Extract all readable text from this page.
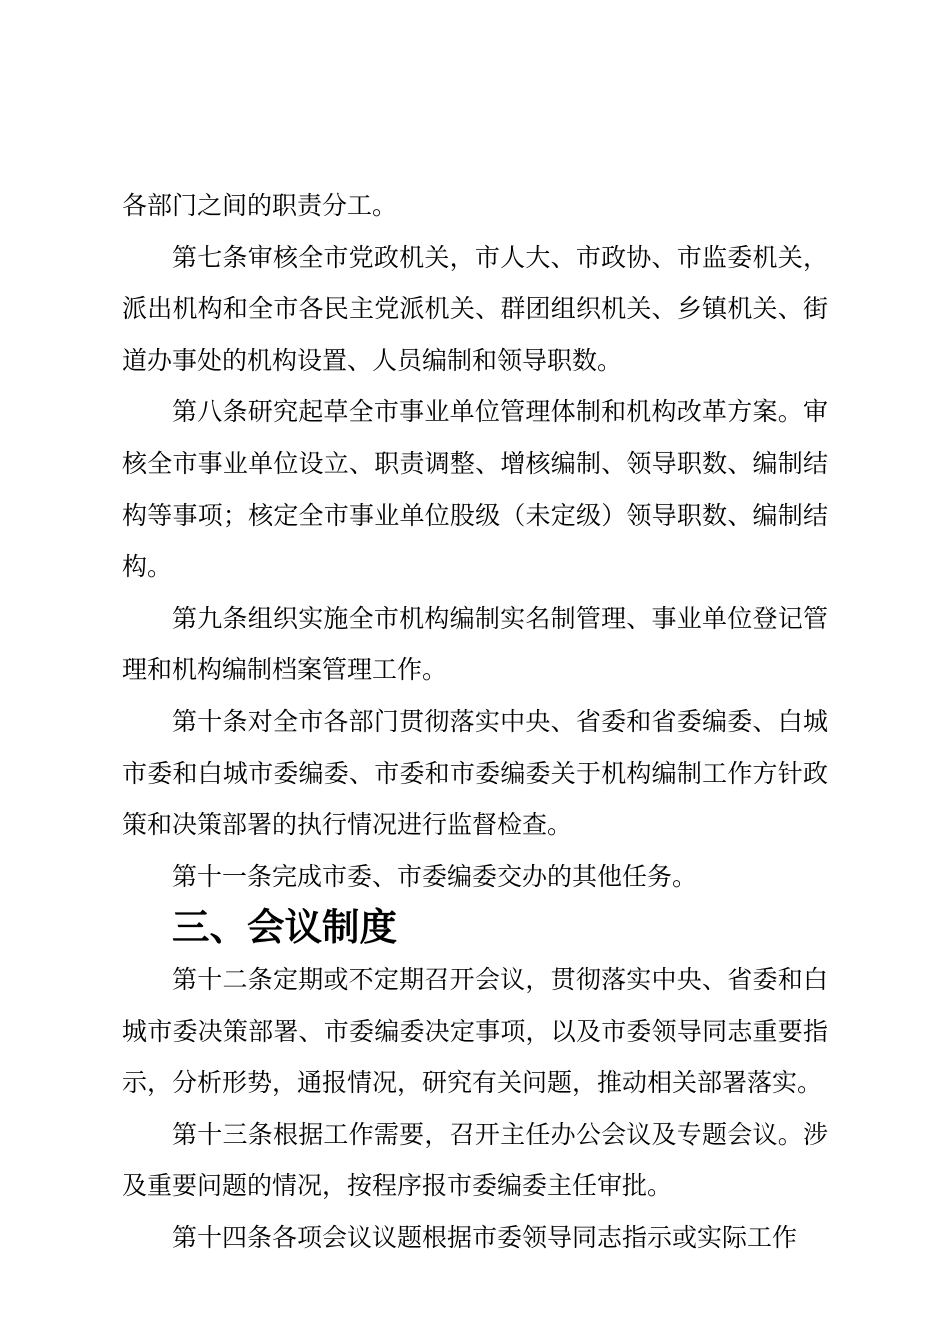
各部门之间的职责分工。

第七条审核全市党政机关，市人大、市政协、市监委机关，派出机构和全市各民主党派机关、群团组织机关、乡镇机关、街道办事处的机构设置、人员编制和领导职数。

第八条研究起草全市事业单位管理体制和机构改革方案。审核全市事业单位设立、职责调整、增核编制、领导职数、编制结构等事项；核定全市事业单位股级（未定级）领导职数、编制结构。

第九条组织实施全市机构编制实名制管理、事业单位登记管理和机构编制档案管理工作。

第十条对全市各部门贯彻落实中央、省委和省委编委、白城市委和白城市委编委、市委和市委编委关于机构编制工作方针政策和决策部署的执行情况进行监督检查。

第十一条完成市委、市委编委交办的其他任务。

三、会议制度

第十二条定期或不定期召开会议，贯彻落实中央、省委和白城市委决策部署、市委编委决定事项，以及市委领导同志重要指示，分析形势，通报情况，研究有关问题，推动相关部署落实。

第十三条根据工作需要，召开主任办公会议及专题会议。涉及重要问题的情况，按程序报市委编委主任审批。

第十四条各项会议议题根据市委领导同志指示或实际工作
